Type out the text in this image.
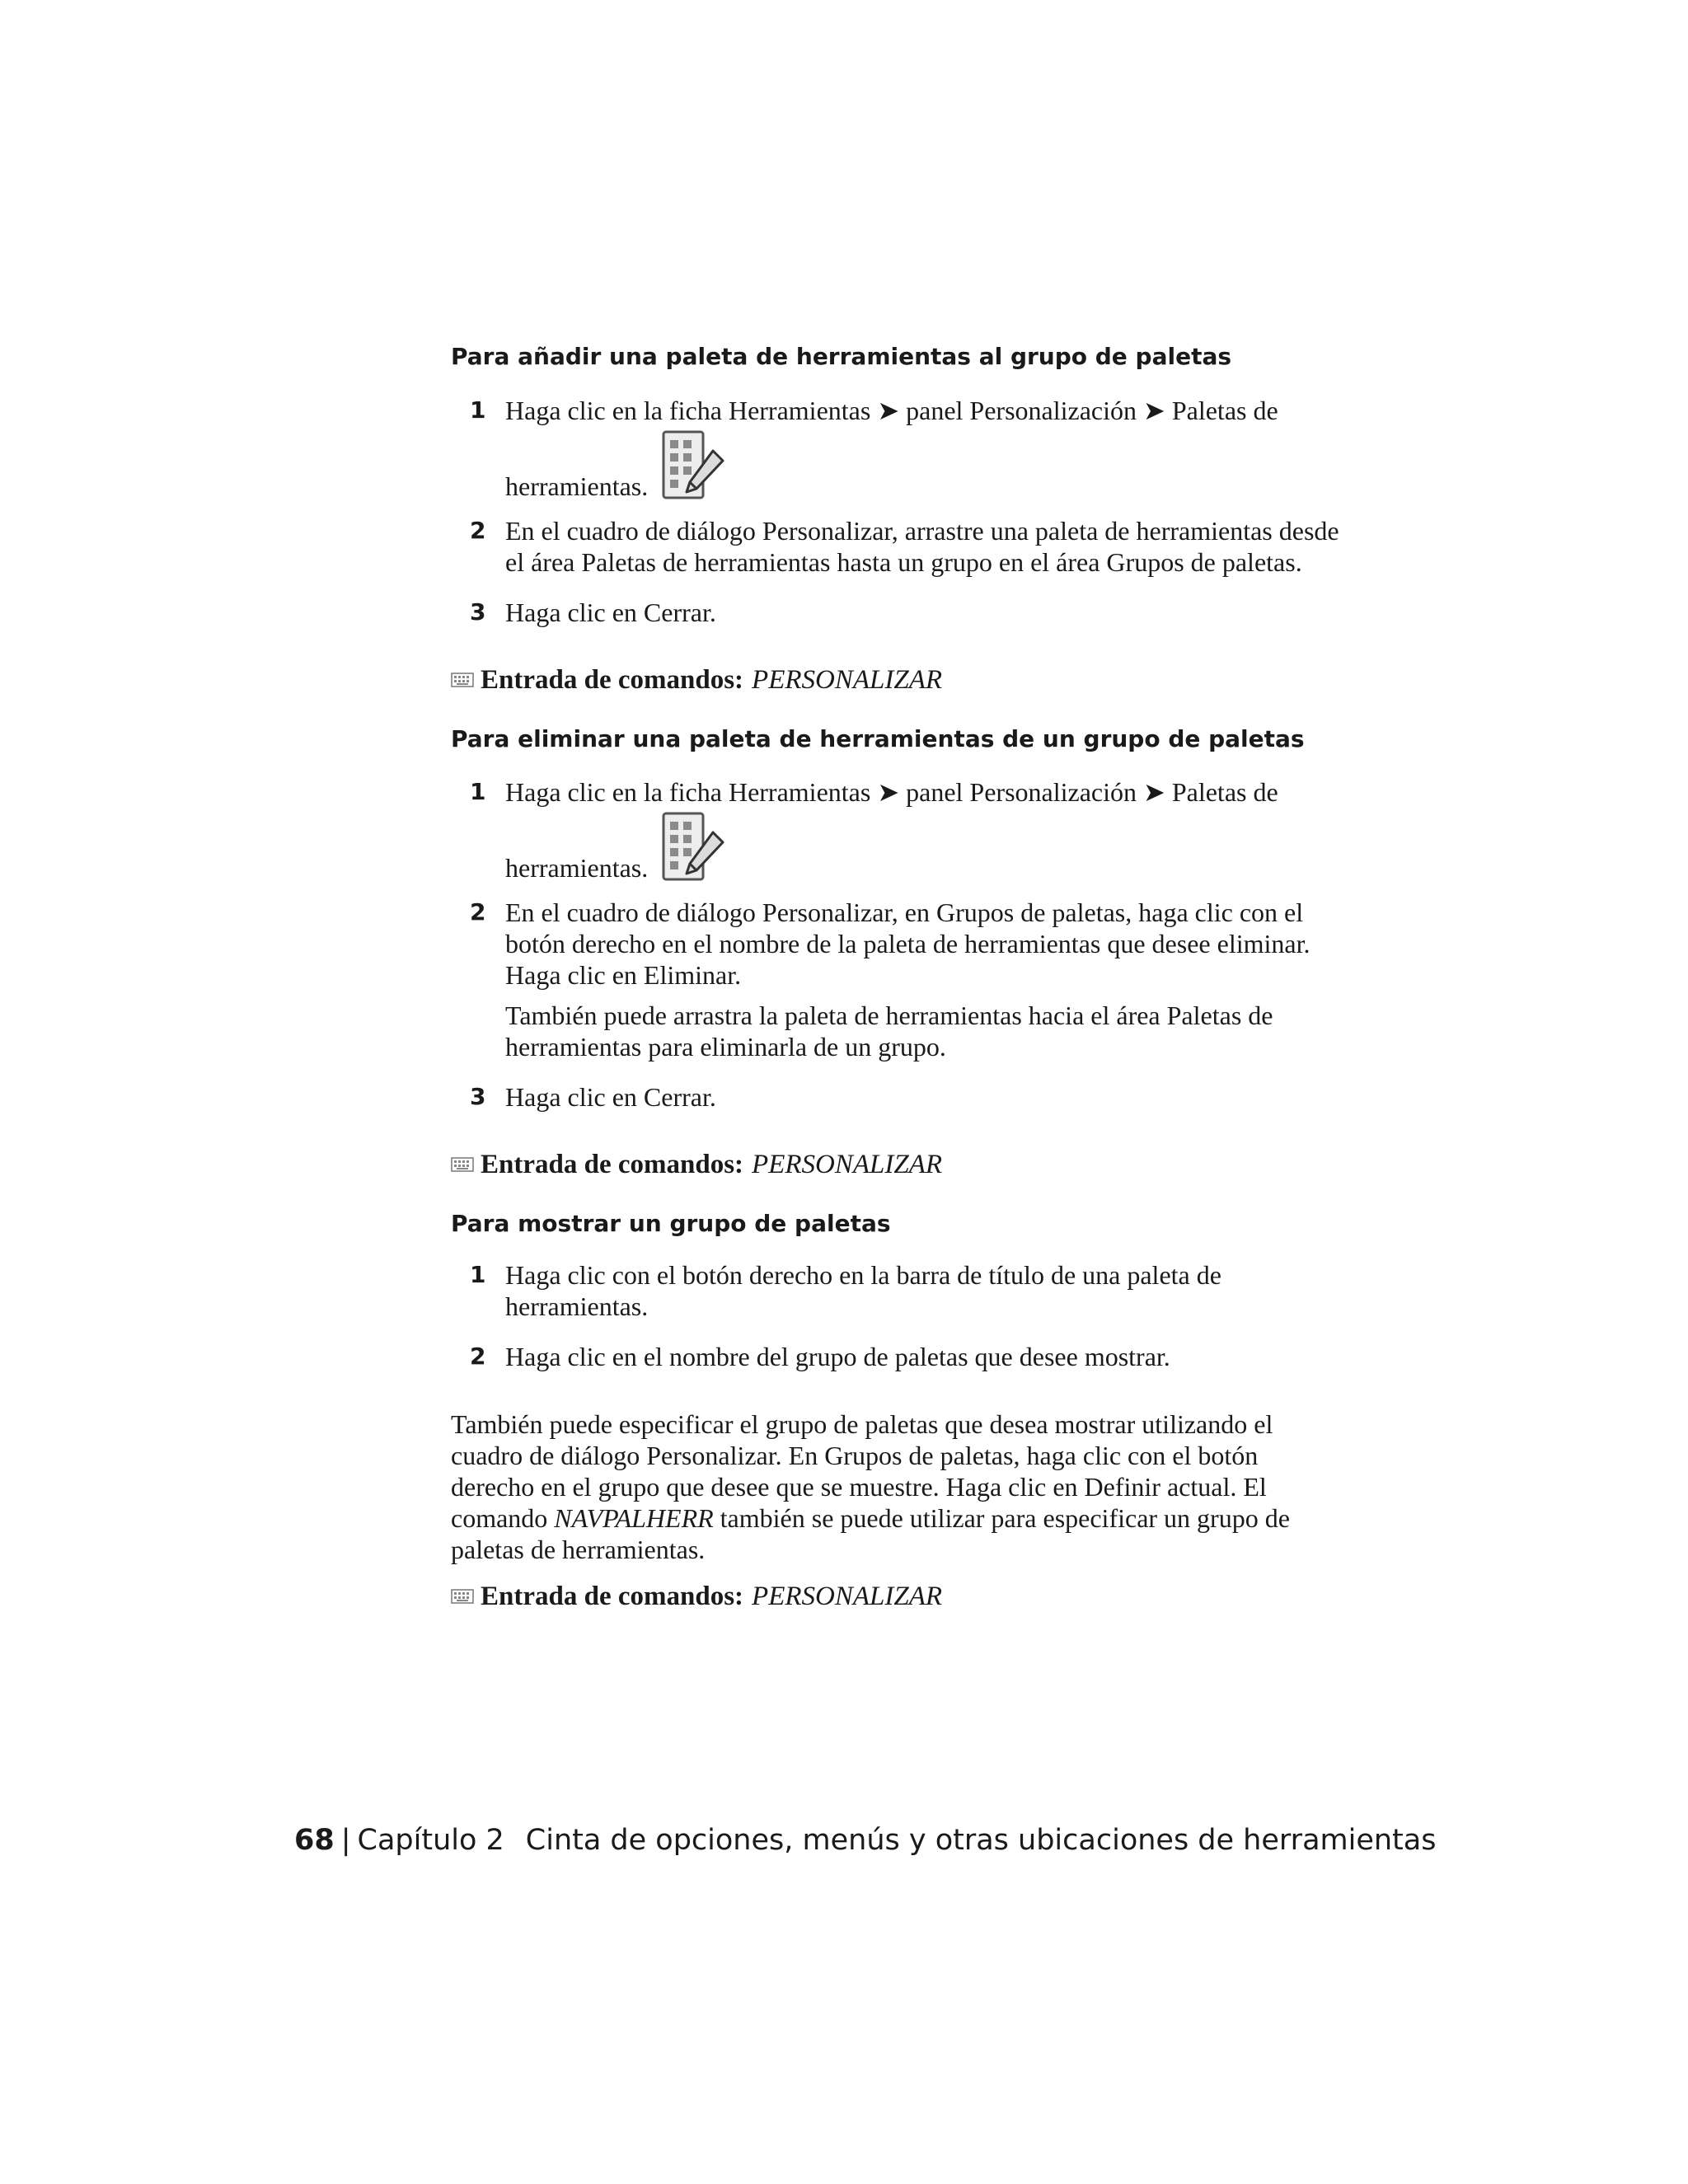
Para añadir una paleta de herramientas al grupo de paletas
1 Haga clic en la ficha Herramientas ➤ panel Personalización ➤ Paletas de
herramientas.
2 En el cuadro de diálogo Personalizar, arrastre una paleta de herramientas desde el área Paletas de herramientas hasta un grupo en el área Grupos de paletas.
3 Haga clic en Cerrar.
Entrada de comandos: PERSONALIZAR
Para eliminar una paleta de herramientas de un grupo de paletas
1 Haga clic en la ficha Herramientas ➤ panel Personalización ➤ Paletas de
herramientas.
2 En el cuadro de diálogo Personalizar, en Grupos de paletas, haga clic con el botón derecho en el nombre de la paleta de herramientas que desee eliminar. Haga clic en Eliminar.
También puede arrastra la paleta de herramientas hacia el área Paletas de herramientas para eliminarla de un grupo.
3 Haga clic en Cerrar.
Entrada de comandos: PERSONALIZAR
Para mostrar un grupo de paletas
1 Haga clic con el botón derecho en la barra de título de una paleta de herramientas.
2 Haga clic en el nombre del grupo de paletas que desee mostrar.

También puede especificar el grupo de paletas que desea mostrar utilizando el cuadro de diálogo Personalizar. En Grupos de paletas, haga clic con el botón derecho en el grupo que desee que se muestre. Haga clic en Definir actual. El comando NAVPALHERR también se puede utilizar para especificar un grupo de paletas de herramientas.

Entrada de comandos: PERSONALIZAR
68 | Capítulo 2 Cinta de opciones, menús y otras ubicaciones de herramientas
